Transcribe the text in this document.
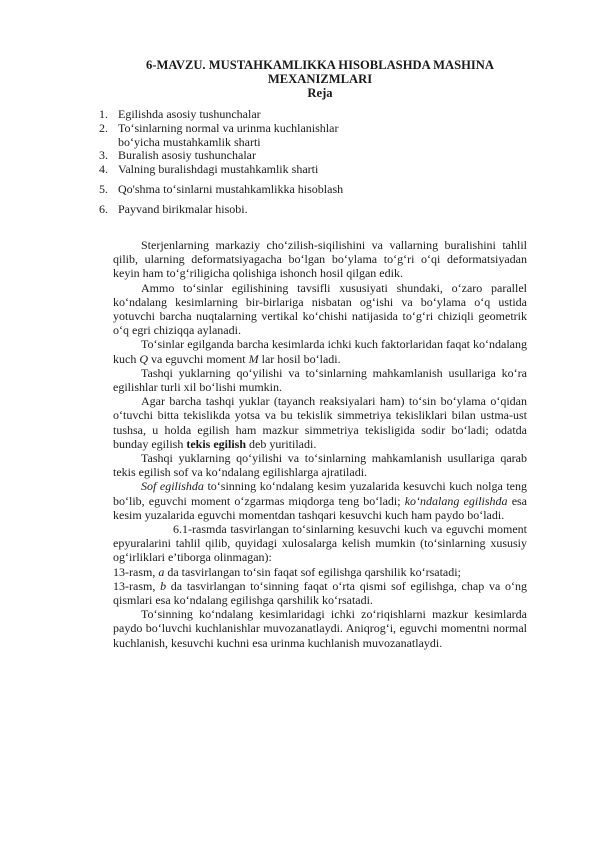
6-MAVZU. MUSTAHKAMLIKKA HISOBLASHDA MASHINA
MEXANIZMLARI
Reja
1. Egilishda asosiy tushunchalar
2. To‘sinlarning normal va urinma kuchlanishlar
bo‘yicha mustahkamlik sharti
3. Buralish asosiy tushunchalar
4. Valning buralishdagi mustahkamlik sharti
5. Qo'shma to‘sinlarni mustahkamlikka hisoblash
6. Payvand birikmalar hisobi.

Sterjenlarning markaziy cho‘zilish-siqilishini va vallarning buralishini tahlil qilib, ularning deformatsiyagacha bo‘lgan bo‘ylama to‘g‘ri o‘qi deformatsiyadan keyin ham to‘g‘riligicha qolishiga ishonch hosil qilgan edik.

Ammo to‘sinlar egilishining tavsifli xususiyati shundaki, o‘zaro parallel ko‘ndalang kesimlarning bir-birlariga nisbatan og‘ishi va bo‘ylama o‘q ustida yotuvchi barcha nuqtalarning vertikal ko‘chishi natijasida to‘g‘ri chiziqli geometrik o‘q egri chiziqqa aylanadi.

To‘sinlar egilganda barcha kesimlarda ichki kuch faktorlaridan faqat ko‘ndalang kuch Q va eguvchi moment M lar hosil bo‘ladi.

Tashqi yuklarning qo‘yilishi va to‘sinlarning mahkamlanish usullariga ko‘ra egilishlar turli xil bo‘lishi mumkin.

Agar barcha tashqi yuklar (tayanch reaksiyalari ham) to‘sin bo‘ylama o‘qidan o‘tuvchi bitta tekislikda yotsa va bu tekislik simmetriya tekisliklari bilan ustma-ust tushsa, u holda egilish ham mazkur simmetriya tekisligida sodir bo‘ladi; odatda bunday egilish tekis egilish deb yuritiladi.

Tashqi yuklarning qo‘yilishi va to‘sinlarning mahkamlanish usullariga qarab tekis egilish sof va ko‘ndalang egilishlarga ajratiladi.

Sof egilishda to‘sinning ko‘ndalang kesim yuzalarida kesuvchi kuch nolga teng bo‘lib, eguvchi moment o‘zgarmas miqdorga teng bo‘ladi; ko‘ndalang egilishda esa kesim yuzalarida eguvchi momentdan tashqari kesuvchi kuch ham paydo bo‘ladi.

6.1-rasmda tasvirlangan to‘sinlarning kesuvchi kuch va eguvchi moment epyuralarini tahlil qilib, quyidagi xulosalarga kelish mumkin (to‘sinlarning xususiy og‘irliklari e’tiborga olinmagan):

13-rasm, a da tasvirlangan to‘sin faqat sof egilishga qarshilik ko‘rsatadi;

13-rasm, b da tasvirlangan to‘sinning faqat o‘rta qismi sof egilishga, chap va o‘ng qismlari esa ko‘ndalang egilishga qarshilik ko‘rsatadi.

To‘sinning ko‘ndalang kesimlaridagi ichki zo‘riqishlarni mazkur kesimlarda paydo bo‘luvchi kuchlanishlar muvozanatlaydi. Aniqrog‘i, eguvchi momentni normal kuchlanish, kesuvchi kuchni esa urinma kuchlanish muvozanatlaydi.
